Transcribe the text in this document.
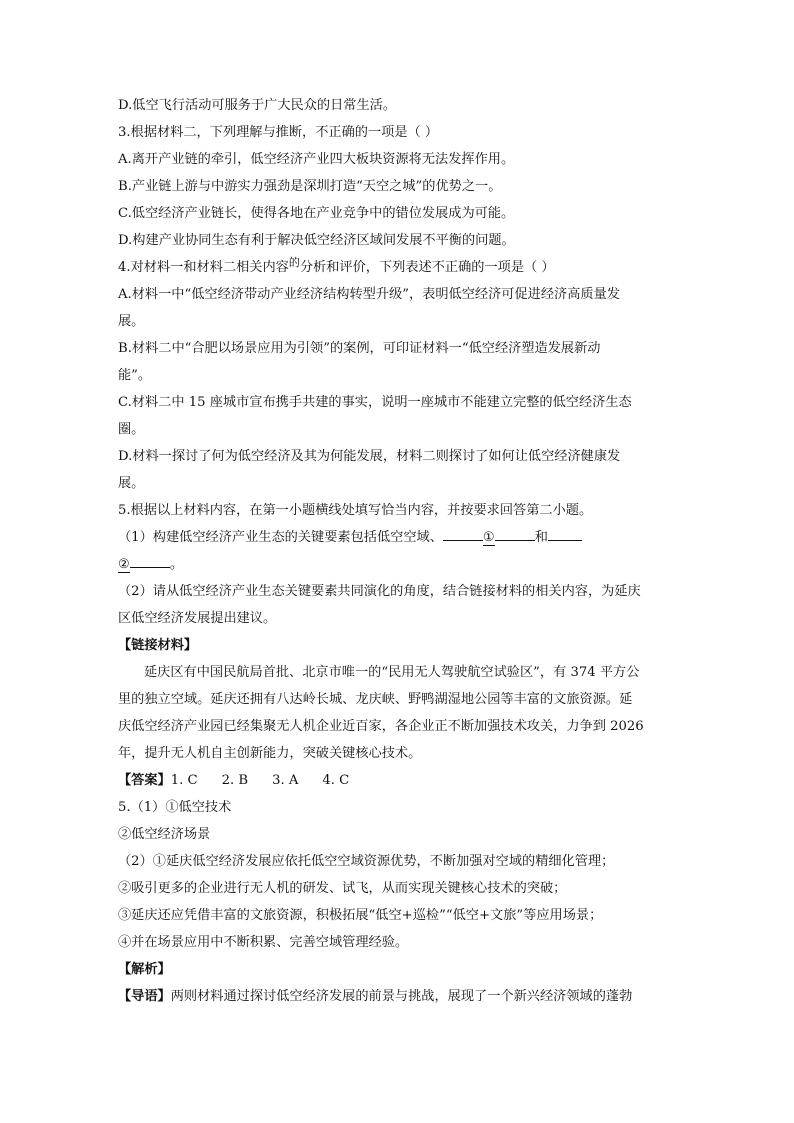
D.低空飞行活动可服务于广大民众的日常生活。
3.根据材料二，下列理解与推断，不正确的一项是（ ）
A.离开产业链的牵引，低空经济产业四大板块资源将无法发挥作用。
B.产业链上游与中游实力强劲是深圳打造“天空之城”的优势之一。
C.低空经济产业链长，使得各地在产业竞争中的错位发展成为可能。
D.构建产业协同生态有利于解决低空经济区域间发展不平衡的问题。
4.对材料一和材料二相关内容$^的$分析和评价，下列表述不正确的一项是（ ）
A.材料一中“低空经济带动产业经济结构转型升级”，表明低空经济可促进经济高质量发
展。
B.材料二中“合肥以场景应用为引领”的案例，可印证材料一“低空经济塑造发展新动
能”。
C.材料二中 15 座城市宣布携手共建的事实，说明一座城市不能建立完整的低空经济生态
圈。
D.材料一探讨了何为低空经济及其为何能发展，材料二则探讨了如何让低空经济健康发
展。
5.根据以上材料内容，在第一小题横线处填写恰当内容，并按要求回答第二小题。
（1）构建低空经济产业生态的关键要素包括低空空域、	①	和
②	。
（2）请从低空经济产业生态关键要素共同演化的角度，结合链接材料的相关内容，为延庆
区低空经济发展提出建议。
【链接材料】
延庆区有中国民航局首批、北京市唯一的“民用无人驾驶航空试验区”，有 374 平方公
里的独立空域。延庆还拥有八达岭长城、龙庆峡、野鸭湖湿地公园等丰富的文旅资源。延
庆低空经济产业园已经集聚无人机企业近百家，各企业正不断加强技术攻关，力争到 2026
年，提升无人机自主创新能力，突破关键核心技术。
【答案】1. C 2. B 3. A 4. C
5.（1）①低空技术
②低空经济场景
（2）①延庆低空经济发展应依托低空空域资源优势，不断加强对空域的精细化管理；
②吸引更多的企业进行无人机的研发、试飞，从而实现关键核心技术的突破；
③延庆还应凭借丰富的文旅资源，积极拓展“低空+巡检”“低空+文旅”等应用场景；
④并在场景应用中不断积累、完善空域管理经验。
【解析】
【导语】两则材料通过探讨低空经济发展的前景与挑战，展现了一个新兴经济领域的蓬勃
